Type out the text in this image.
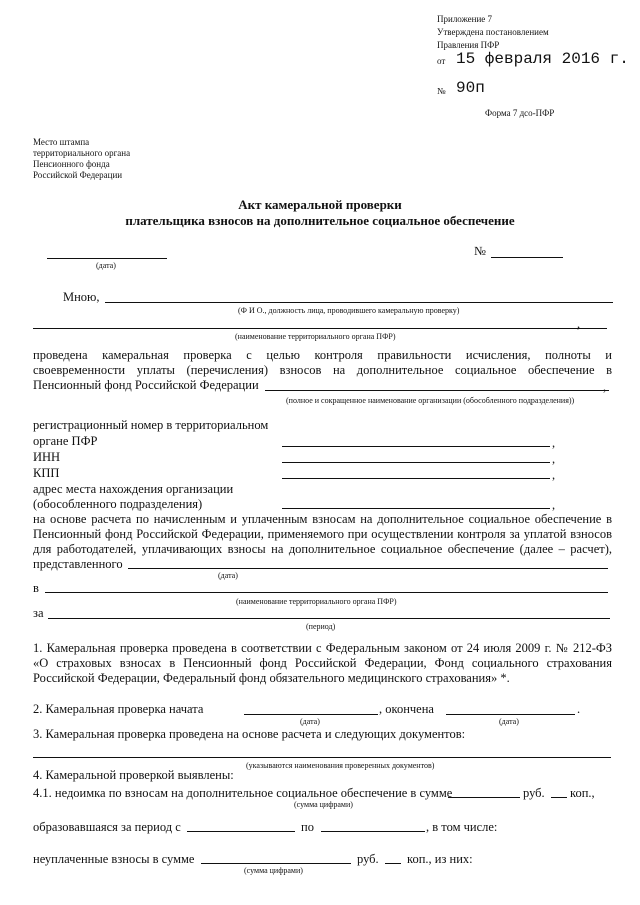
Приложение 7
Утверждена постановлением
Правления ПФР
от 15 февраля 2016 г.
№ 90п
Форма 7 дсо-ПФР
Место штампа
территориального органа
Пенсионного фонда
Российской Федерации
Акт камеральной проверки
плательщика взносов на дополнительное социальное обеспечение
(дата)
№
Мною,
(Ф И О., должность лица, проводившего камеральную проверку)
,
(наименование территориального органа ПФР)
проведена камеральная проверка с целью контроля правильности исчисления, полноты и
своевременности уплаты (перечисления) взносов на дополнительное социальное обеспечение в
Пенсионный фонд Российской Федерации	,
(полное и сокращенное наименование организации (обособленного подразделения))
регистрационный номер в территориальном
органе ПФР	,
ИНН	,
КПП	,
адрес места нахождения организации
(обособленного подразделения)	,
на основе расчета по начисленным и уплаченным взносам на дополнительное социальное обеспечение в
Пенсионный фонд Российской Федерации, применяемого при осуществлении контроля за уплатой взносов
для работодателей, уплачивающих взносы на дополнительное социальное обеспечение (далее – расчет),
представленного
(дата)
в
(наименование территориального органа ПФР)
за
(период)
1. Камеральная проверка проведена в соответствии с Федеральным законом от 24 июля 2009 г. № 212-ФЗ
«О страховых взносах в Пенсионный фонд Российской Федерации, Фонд социального страхования
Российской Федерации, Федеральный фонд обязательного медицинского страхования» *.
2. Камеральная проверка начата
(дата)
, окончена
(дата)
.
3. Камеральная проверка проведена на основе расчета и следующих документов:
(указываются наименования проверенных документов)
4. Камеральной проверкой выявлены:
4.1. недоимка по взносам на дополнительное социальное обеспечение в сумме	руб. коп.,
(сумма цифрами)
образовавшаяся за период с	по	, в том числе:
неуплаченные взносы в сумме	руб. коп., из них:
(сумма цифрами)
